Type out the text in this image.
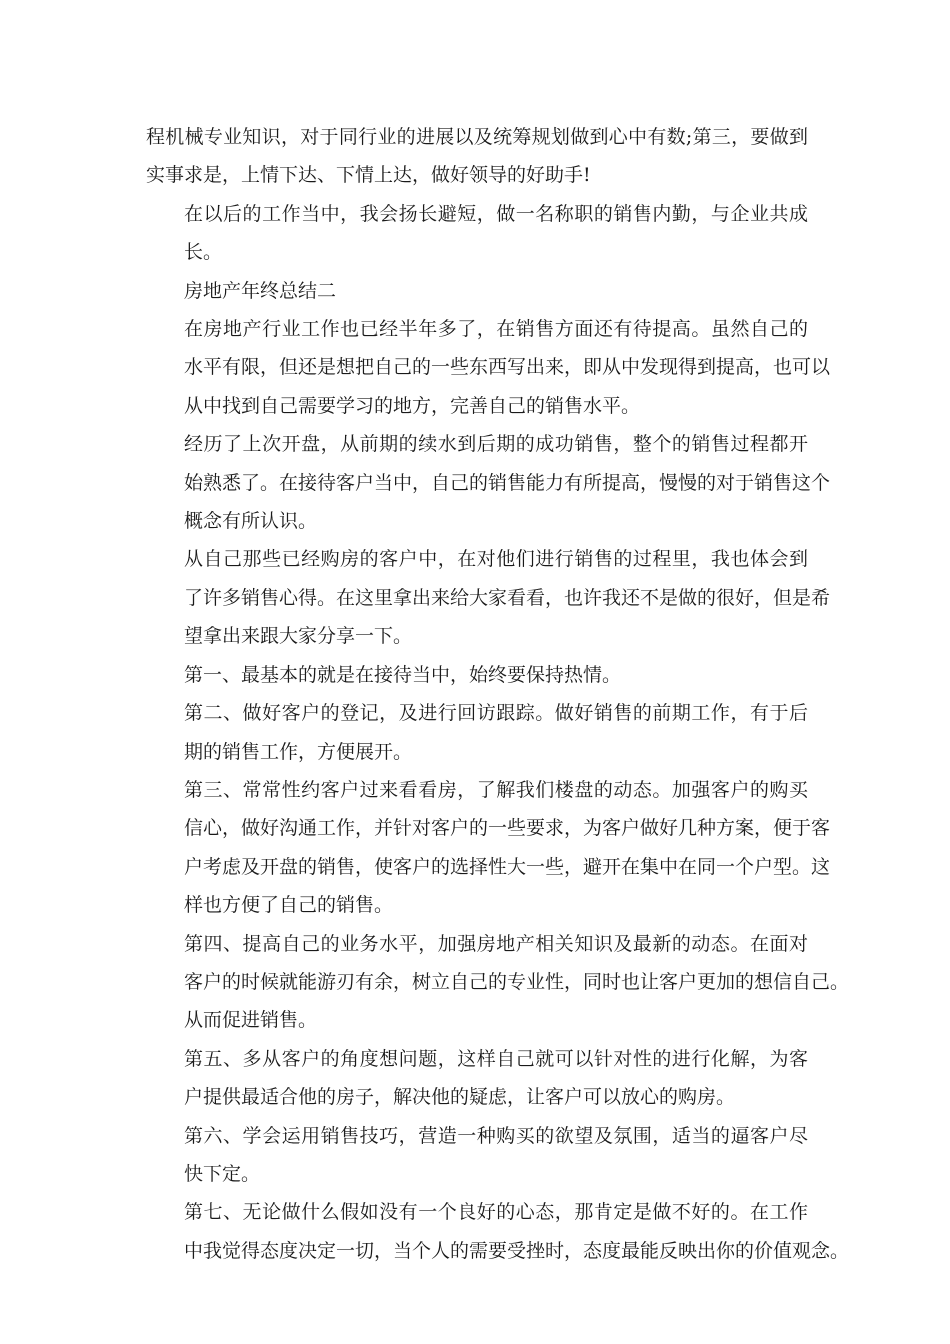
程机械专业知识，对于同行业的进展以及统筹规划做到心中有数;第三，要做到
实事求是，上情下达、下情上达，做好领导的好助手!
在以后的工作当中，我会扬长避短，做一名称职的销售内勤，与企业共成
长。
房地产年终总结二
在房地产行业工作也已经半年多了，在销售方面还有待提高。虽然自己的
水平有限，但还是想把自己的一些东西写出来，即从中发现得到提高，也可以
从中找到自己需要学习的地方，完善自己的销售水平。
经历了上次开盘，从前期的续水到后期的成功销售，整个的销售过程都开
始熟悉了。在接待客户当中，自己的销售能力有所提高，慢慢的对于销售这个
概念有所认识。
从自己那些已经购房的客户中，在对他们进行销售的过程里，我也体会到
了许多销售心得。在这里拿出来给大家看看，也许我还不是做的很好，但是希
望拿出来跟大家分享一下。
第一、最基本的就是在接待当中，始终要保持热情。
第二、做好客户的登记，及进行回访跟踪。做好销售的前期工作，有于后
期的销售工作，方便展开。
第三、常常性约客户过来看看房，了解我们楼盘的动态。加强客户的购买
信心，做好沟通工作，并针对客户的一些要求，为客户做好几种方案，便于客
户考虑及开盘的销售，使客户的选择性大一些，避开在集中在同一个户型。这
样也方便了自己的销售。
第四、提高自己的业务水平，加强房地产相关知识及最新的动态。在面对
客户的时候就能游刃有余，树立自己的专业性，同时也让客户更加的想信自己。
从而促进销售。
第五、多从客户的角度想问题，这样自己就可以针对性的进行化解，为客
户提供最适合他的房子，解决他的疑虑，让客户可以放心的购房。
第六、学会运用销售技巧，营造一种购买的欲望及氛围，适当的逼客户尽
快下定。
第七、无论做什么假如没有一个良好的心态，那肯定是做不好的。在工作
中我觉得态度决定一切，当个人的需要受挫时，态度最能反映出你的价值观念。
